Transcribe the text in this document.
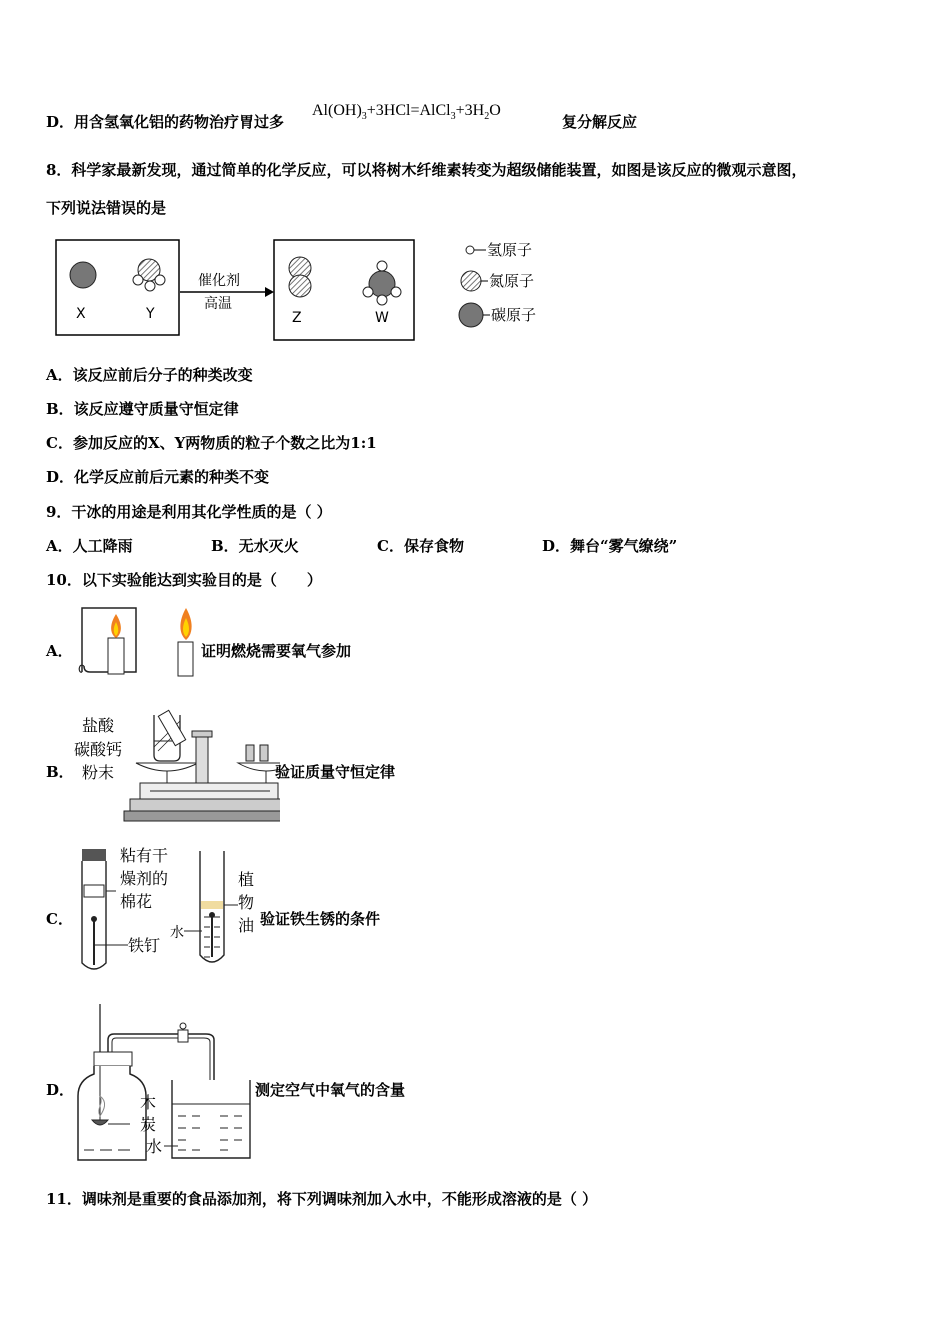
D．用含氢氧化铝的药物治疗胃过多
$Al(OH)_3+3HCl=AlCl_3+3H_2O$
复分解反应
8．科学家最新发现，通过简单的化学反应，可以将树木纤维素转变为超级储能装置，如图是该反应的微观示意图，
下列说法错误的是
X	Y
催化剂
高温
Z	W
氢原子
氮原子
碳原子
A．该反应前后分子的种类改变
B．该反应遵守质量守恒定律
C．参加反应的X、Y两物质的粒子个数之比为1:1
D．化学反应前后元素的种类不变
9．干冰的用途是利用其化学性质的是（ ）
A．人工降雨	B．无水灭火	C．保存食物	D．舞台“雾气缭绕”
10．以下实验能达到实验目的是（　　）
A．	证明燃烧需要氧气参加
B．
盐酸
碳酸钙
粉末	验证质量守恒定律
C．
粘有干
燥剂的
棉花
铁钉
植
物
油
水
验证铁生锈的条件
D．
木
炭
水
测定空气中氧气的含量
11．调味剂是重要的食品添加剂，将下列调味剂加入水中，不能形成溶液的是（ ）
